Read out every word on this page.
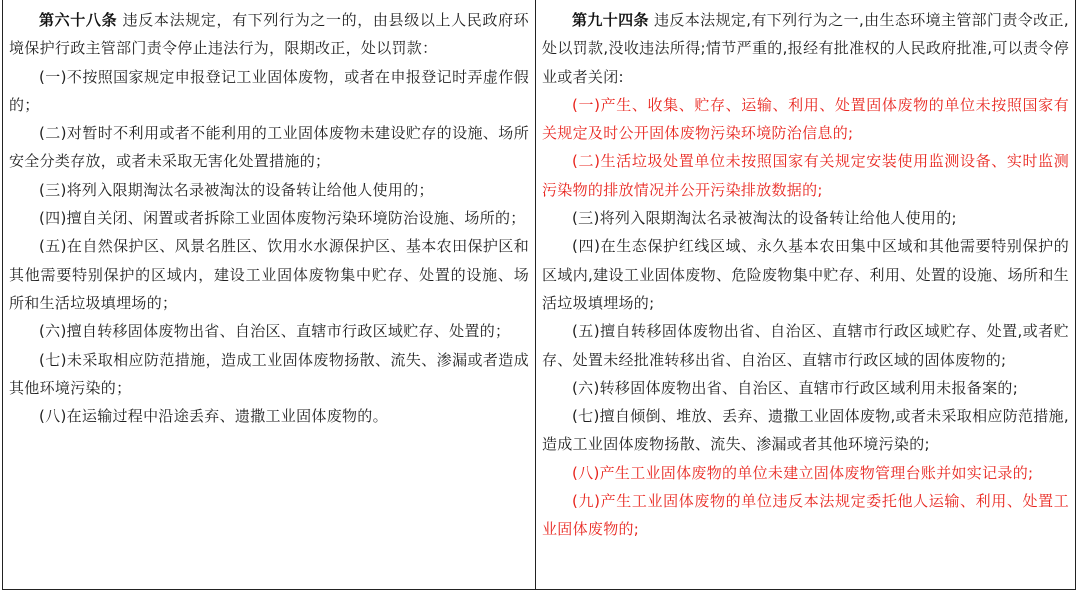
第六十八条 违反本法规定，有下列行为之一的，由县级以上人民政府环境保护行政主管部门责令停止违法行为，限期改正，处以罚款：

(一)不按照国家规定申报登记工业固体废物，或者在申报登记时弄虚作假的；

(二)对暂时不利用或者不能利用的工业固体废物未建设贮存的设施、场所安全分类存放，或者未采取无害化处置措施的；

(三)将列入限期淘汰名录被淘汰的设备转让给他人使用的；

(四)擅自关闭、闲置或者拆除工业固体废物污染环境防治设施、场所的；

(五)在自然保护区、风景名胜区、饮用水水源保护区、基本农田保护区和其他需要特别保护的区域内，建设工业固体废物集中贮存、处置的设施、场所和生活垃圾填埋场的；

(六)擅自转移固体废物出省、自治区、直辖市行政区域贮存、处置的；

(七)未采取相应防范措施，造成工业固体废物扬散、流失、渗漏或者造成其他环境污染的；

(八)在运输过程中沿途丢弃、遗撒工业固体废物的。

第九十四条 违反本法规定,有下列行为之一,由生态环境主管部门责令改正,处以罚款,没收违法所得;情节严重的,报经有批准权的人民政府批准,可以责令停业或者关闭:

(一)产生、收集、贮存、运输、利用、处置固体废物的单位未按照国家有关规定及时公开固体废物污染环境防治信息的;

(二)生活垃圾处置单位未按照国家有关规定安装使用监测设备、实时监测污染物的排放情况并公开污染排放数据的;

(三)将列入限期淘汰名录被淘汰的设备转让给他人使用的;

(四)在生态保护红线区域、永久基本农田集中区域和其他需要特别保护的区域内,建设工业固体废物、危险废物集中贮存、利用、处置的设施、场所和生活垃圾填埋场的;

(五)擅自转移固体废物出省、自治区、直辖市行政区域贮存、处置,或者贮存、处置未经批准转移出省、自治区、直辖市行政区域的固体废物的;

(六)转移固体废物出省、自治区、直辖市行政区域利用未报备案的;

(七)擅自倾倒、堆放、丢弃、遗撒工业固体废物,或者未采取相应防范措施,造成工业固体废物扬散、流失、渗漏或者其他环境污染的;

(八)产生工业固体废物的单位未建立固体废物管理台账并如实记录的;

(九)产生工业固体废物的单位违反本法规定委托他人运输、利用、处置工业固体废物的;
